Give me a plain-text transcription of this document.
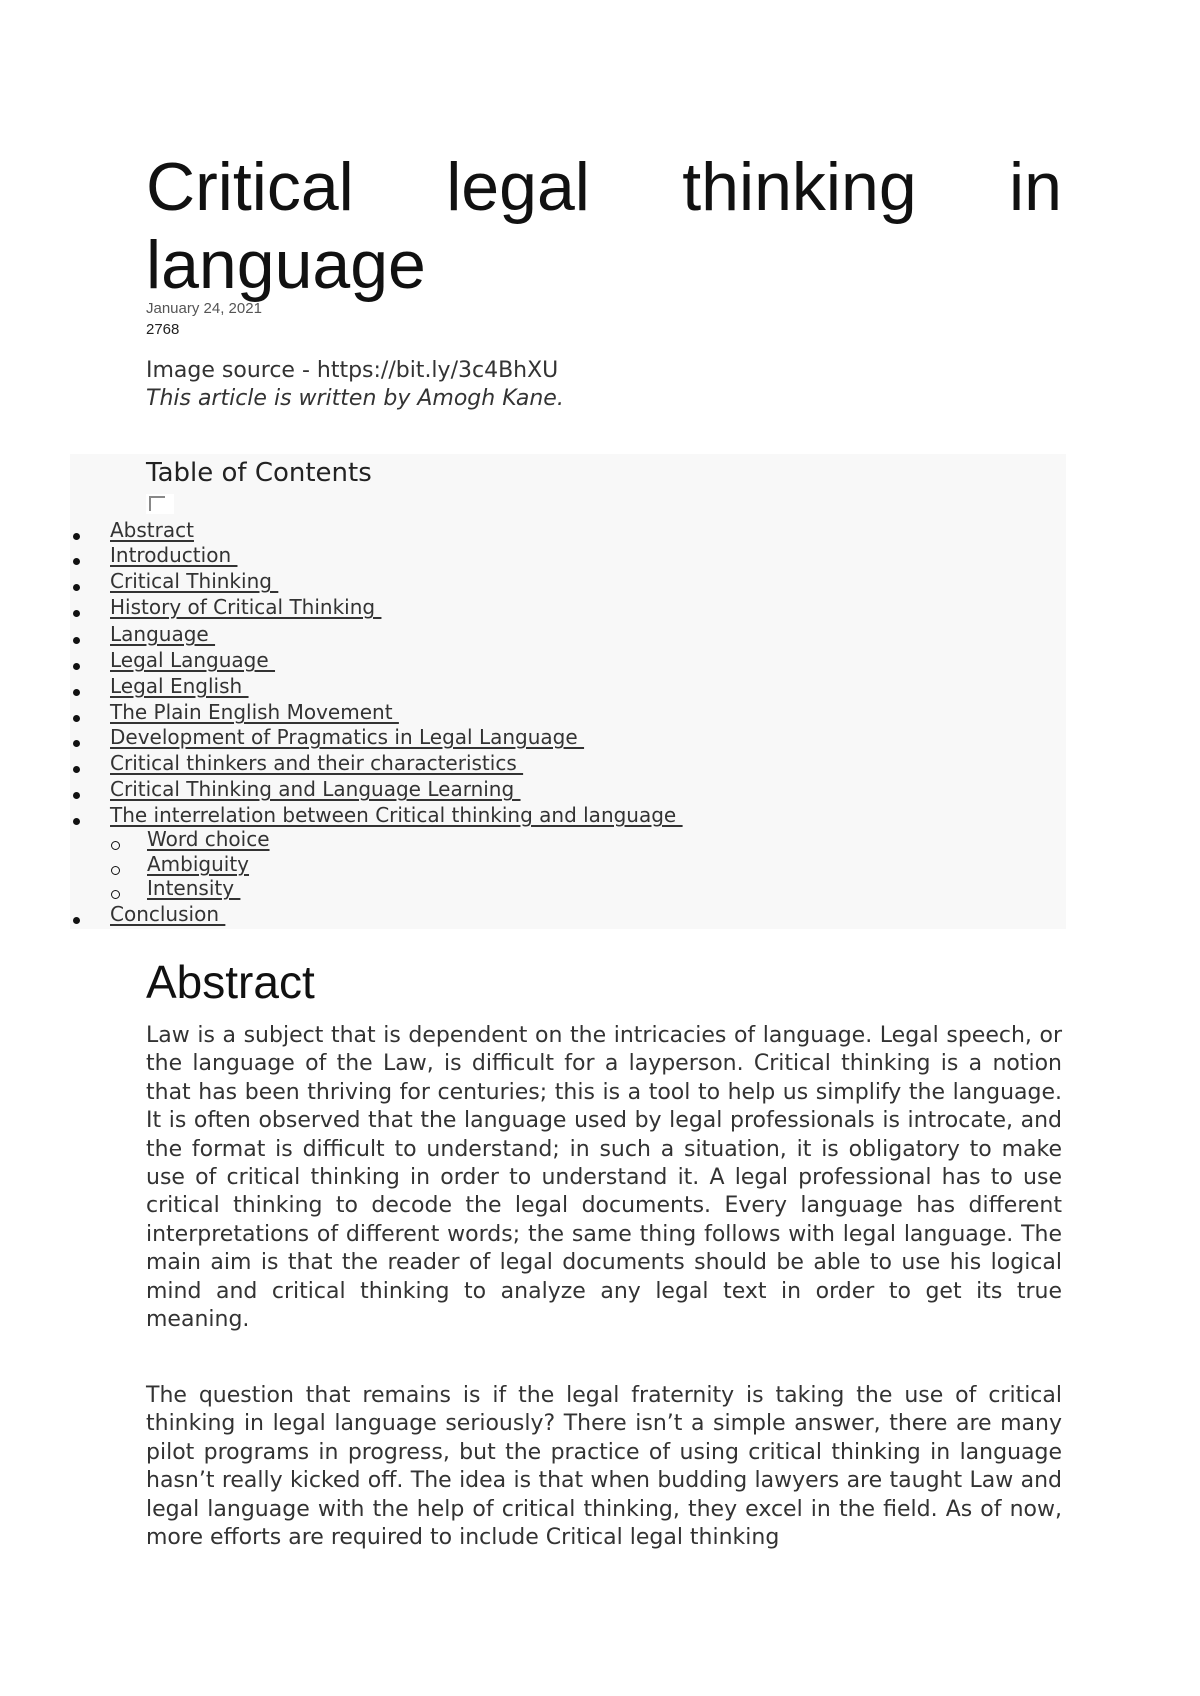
Critical legal thinking in language
January 24, 2021
2768
Image source - https://bit.ly/3c4BhXU
This article is written by Amogh Kane.
Table of Contents
Abstract
Introduction
Critical Thinking
History of Critical Thinking
Language
Legal Language
Legal English
The Plain English Movement
Development of Pragmatics in Legal Language
Critical thinkers and their characteristics
Critical Thinking and Language Learning
The interrelation between Critical thinking and language
Word choice
Ambiguity
Intensity
Conclusion
Abstract

Law is a subject that is dependent on the intricacies of language. Legal speech, or the language of the Law, is difficult for a layperson. Critical thinking is a notion that has been thriving for centuries; this is a tool to help us simplify the language. It is often observed that the language used by legal professionals is introcate, and the format is difficult to understand; in such a situation, it is obligatory to make use of critical thinking in order to understand it. A legal professional has to use critical thinking to decode the legal documents. Every language has different interpretations of different words; the same thing follows with legal language. The main aim is that the reader of legal documents should be able to use his logical mind and critical thinking to analyze any legal text in order to get its true meaning.

The question that remains is if the legal fraternity is taking the use of critical thinking in legal language seriously? There isn’t a simple answer, there are many pilot programs in progress, but the practice of using critical thinking in language hasn’t really kicked off. The idea is that when budding lawyers are taught Law and legal language with the help of critical thinking, they excel in the field. As of now, more efforts are required to include Critical legal thinking
